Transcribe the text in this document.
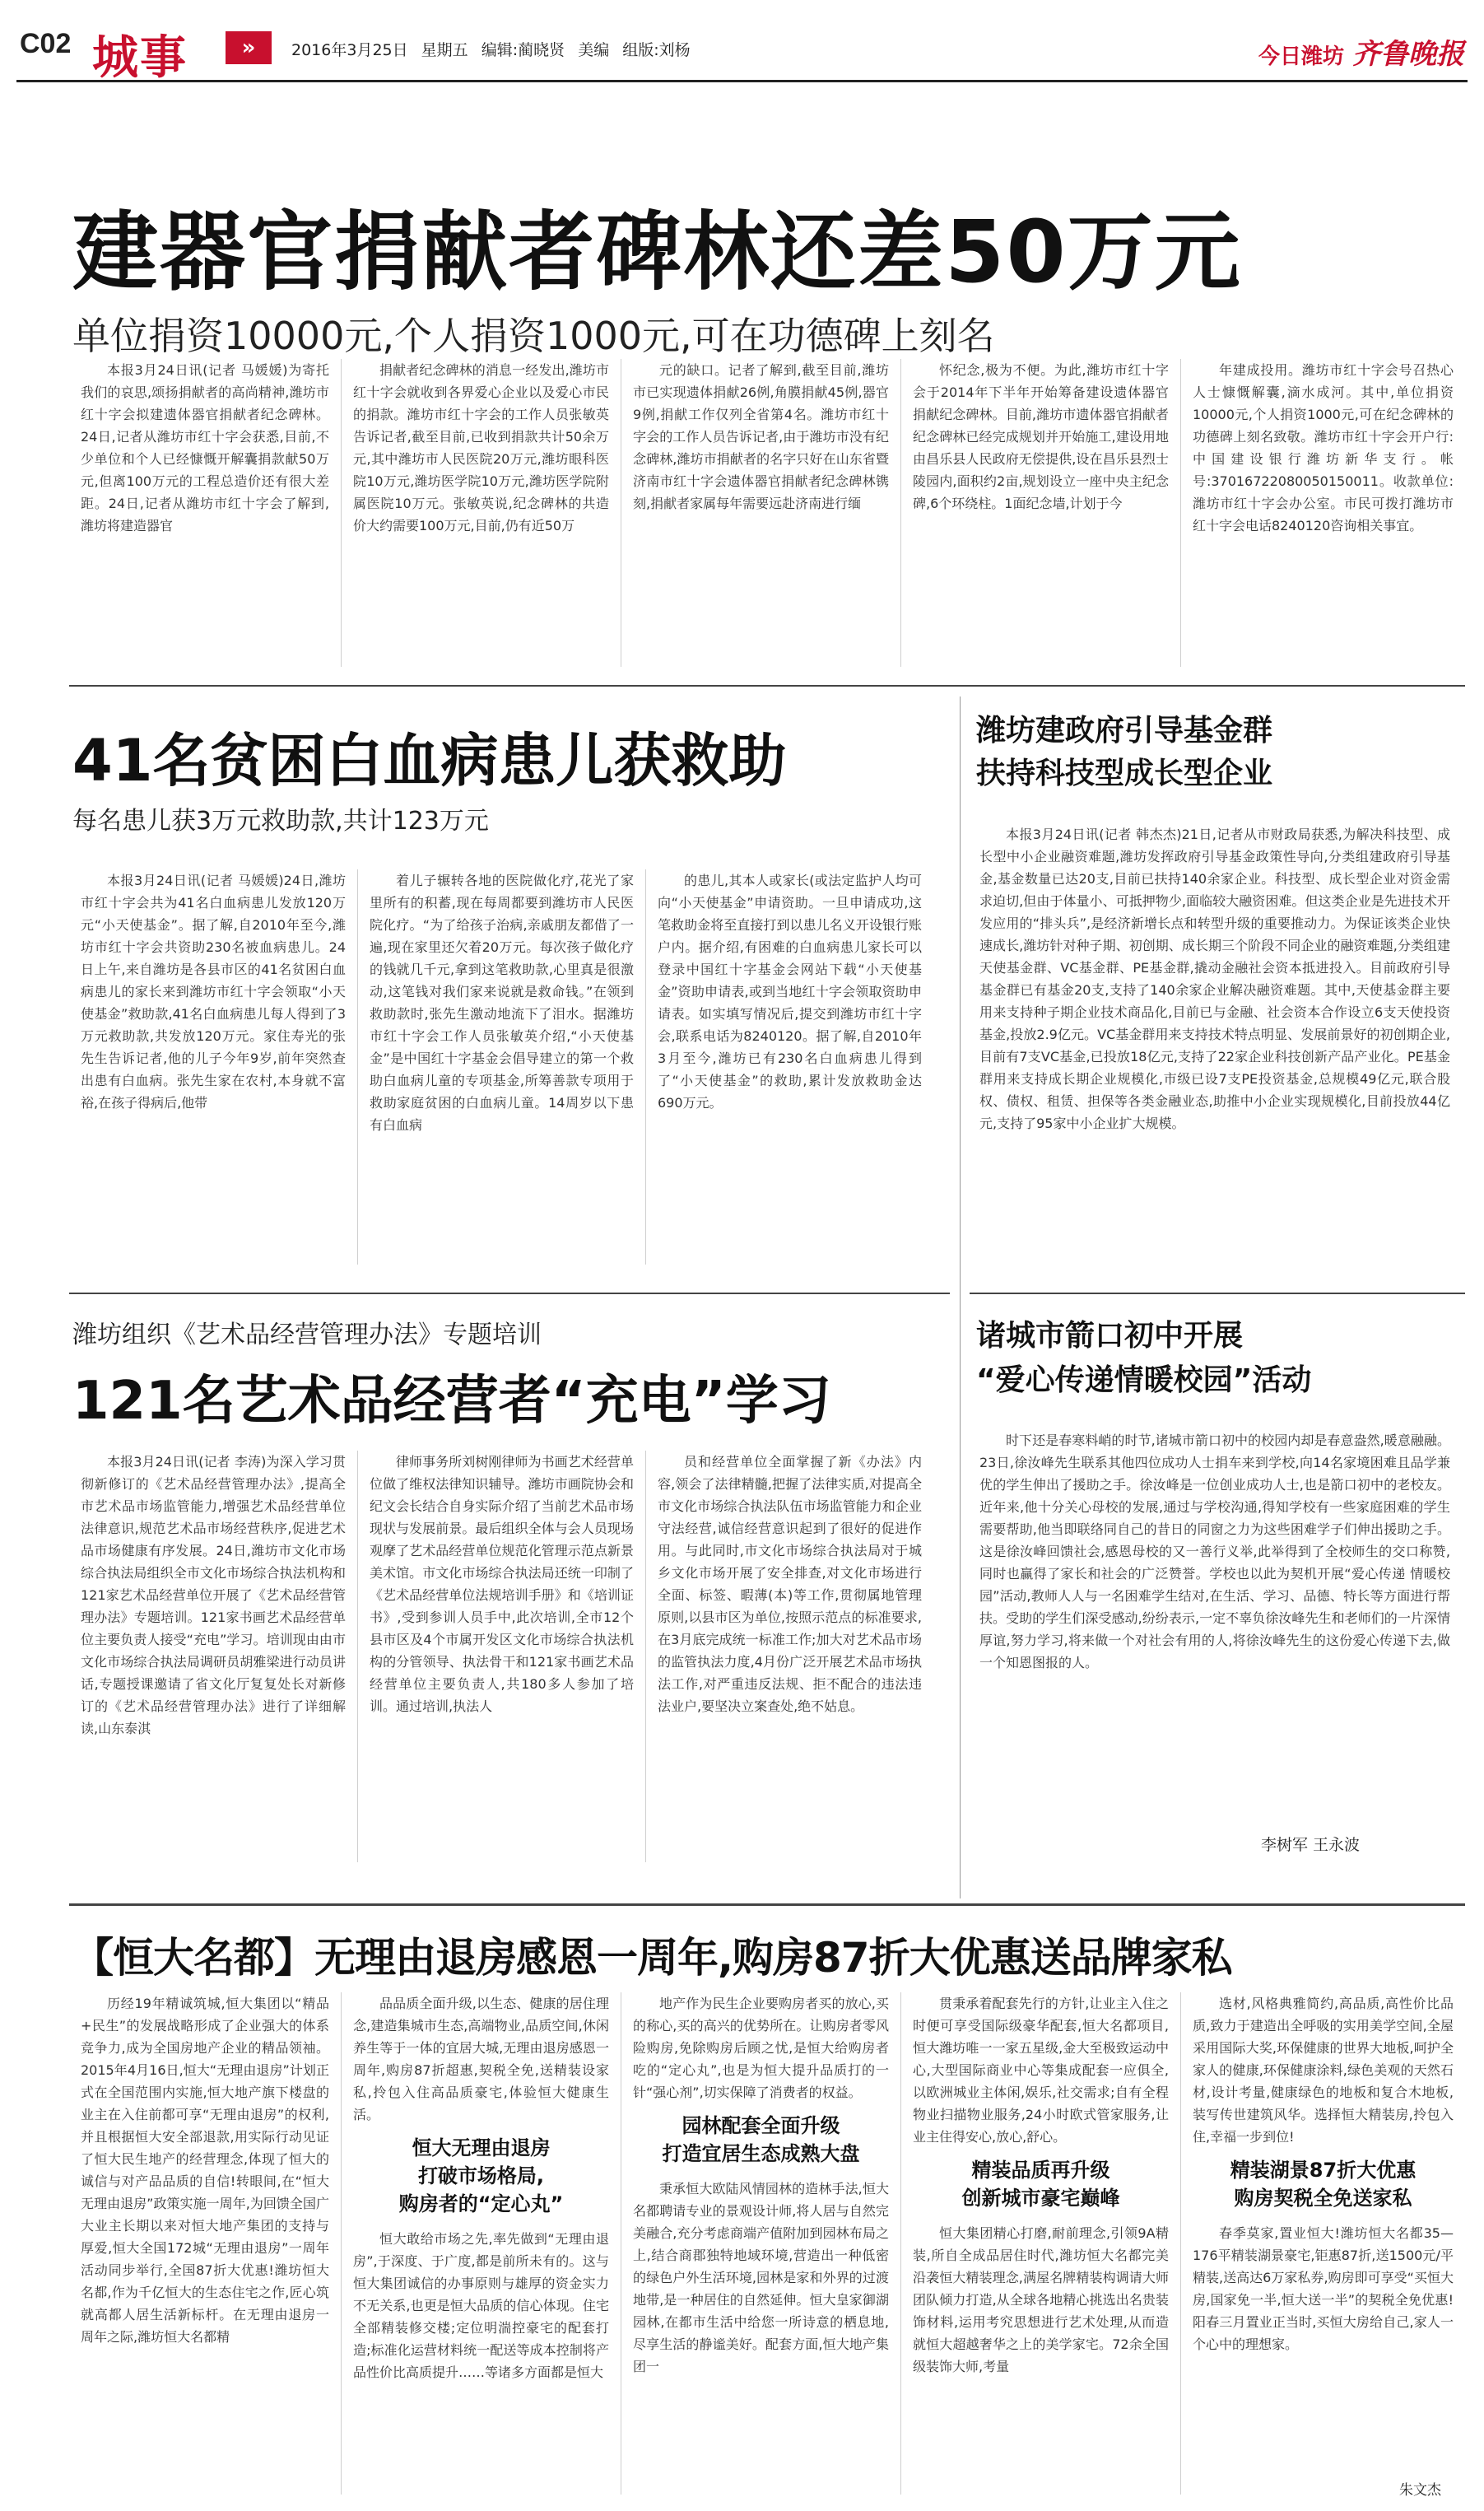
C02 城事	»	2016年3月25日 星期五 编辑:蔺晓贤 美编 组版:刘杨	今日潍坊 齐鲁晚报
建器官捐献者碑林还差50万元
单位捐资10000元,个人捐资1000元,可在功德碑上刻名

本报3月24日讯(记者 马媛媛)为寄托我们的哀思,颂扬捐献者的高尚精神,潍坊市红十字会拟建遗体器官捐献者纪念碑林。24日,记者从潍坊市红十字会获悉,目前,不少单位和个人已经慷慨开解囊捐款献50万元,但离100万元的工程总造价还有很大差距。24日,记者从潍坊市红十字会了解到,潍坊将建造器官

捐献者纪念碑林的消息一经发出,潍坊市红十字会就收到各界爱心企业以及爱心市民的捐款。潍坊市红十字会的工作人员张敏英告诉记者,截至目前,已收到捐款共计50余万元,其中潍坊市人民医院20万元,潍坊眼科医院10万元,潍坊医学院10万元,潍坊医学院附属医院10万元。张敏英说,纪念碑林的共造价大约需要100万元,目前,仍有近50万

元的缺口。记者了解到,截至目前,潍坊市已实现遗体捐献26例,角膜捐献45例,器官9例,捐献工作仅列全省第4名。潍坊市红十字会的工作人员告诉记者,由于潍坊市没有纪念碑林,潍坊市捐献者的名字只好在山东省暨济南市红十字会遗体器官捐献者纪念碑林镌刻,捐献者家属每年需要远赴济南进行缅

怀纪念,极为不便。为此,潍坊市红十字会于2014年下半年开始筹备建设遗体器官捐献纪念碑林。目前,潍坊市遗体器官捐献者纪念碑林已经完成规划并开始施工,建设用地由昌乐县人民政府无偿提供,设在昌乐县烈士陵园内,面积约2亩,规划设立一座中央主纪念碑,6个环绕柱。1面纪念墙,计划于今

年建成投用。潍坊市红十字会号召热心人士慷慨解囊,滴水成河。其中,单位捐资10000元,个人捐资1000元,可在纪念碑林的功德碑上刻名致敬。潍坊市红十字会开户行:中国建设银行潍坊新华支行。帐号:37016722080050150011。收款单位:潍坊市红十字会办公室。市民可拨打潍坊市红十字会电话8240120咨询相关事宜。

41名贫困白血病患儿获救助
每名患儿获3万元救助款,共计123万元

本报3月24日讯(记者 马媛媛)24日,潍坊市红十字会共为41名白血病患儿发放120万元“小天使基金”。据了解,自2010年至今,潍坊市红十字会共资助230名被血病患儿。24日上午,来自潍坊是各县市区的41名贫困白血病患儿的家长来到潍坊市红十字会领取“小天使基金”救助款,41名白血病患儿每人得到了3万元救助款,共发放120万元。家住寿光的张先生告诉记者,他的儿子今年9岁,前年突然查出患有白血病。张先生家在农村,本身就不富裕,在孩子得病后,他带

着儿子辗转各地的医院做化疗,花光了家里所有的积蓄,现在每周都要到潍坊市人民医院化疗。“为了给孩子治病,亲戚朋友都借了一遍,现在家里还欠着20万元。每次孩子做化疗的钱就几千元,拿到这笔救助款,心里真是很激动,这笔钱对我们家来说就是救命钱。”在领到救助款时,张先生激动地流下了泪水。据潍坊市红十字会工作人员张敏英介绍,“小天使基金”是中国红十字基金会倡导建立的第一个救助白血病儿童的专项基金,所筹善款专项用于救助家庭贫困的白血病儿童。14周岁以下患有白血病

的患儿,其本人或家长(或法定监护人均可向“小天使基金”申请资助。一旦申请成功,这笔救助金将至直接打到以患儿名义开设银行账户内。据介绍,有困难的白血病患儿家长可以登录中国红十字基金会网站下载“小天使基金”资助申请表,或到当地红十字会领取资助申请表。如实填写情况后,提交到潍坊市红十字会,联系电话为8240120。据了解,自2010年3月至今,潍坊已有230名白血病患儿得到了“小天使基金”的救助,累计发放救助金达690万元。

潍坊建政府引导基金群
扶持科技型成长型企业

本报3月24日讯(记者 韩杰杰)21日,记者从市财政局获悉,为解决科技型、成长型中小企业融资难题,潍坊发挥政府引导基金政策性导向,分类组建政府引导基金,基金数量已达20支,目前已扶持140余家企业。科技型、成长型企业对资金需求迫切,但由于体量小、可抵押物少,面临较大融资困难。但这类企业是先进技术开发应用的“排头兵”,是经济新增长点和转型升级的重要推动力。为保证该类企业快速成长,潍坊针对种子期、初创期、成长期三个阶段不同企业的融资难题,分类组建天使基金群、VC基金群、PE基金群,撬动金融社会资本抵进投入。目前政府引导基金群已有基金20支,支持了140余家企业解决融资难题。其中,天使基金群主要用来支持种子期企业技术商品化,目前已与金融、社会资本合作设立6支天使投资基金,投放2.9亿元。VC基金群用来支持技术特点明显、发展前景好的初创期企业,目前有7支VC基金,已投放18亿元,支持了22家企业科技创新产品产业化。PE基金群用来支持成长期企业规模化,市级已设7支PE投资基金,总规模49亿元,联合股权、债权、租赁、担保等各类金融业态,助推中小企业实现规模化,目前投放44亿元,支持了95家中小企业扩大规模。

潍坊组织《艺术品经营管理办法》专题培训
121名艺术品经营者“充电”学习

本报3月24日讯(记者 李涛)为深入学习贯彻新修订的《艺术品经营管理办法》,提高全市艺术品市场监管能力,增强艺术品经营单位法律意识,规范艺术品市场经营秩序,促进艺术品市场健康有序发展。24日,潍坊市文化市场综合执法局组织全市文化市场综合执法机构和121家艺术品经营单位开展了《艺术品经营管理办法》专题培训。121家书画艺术品经营单位主要负责人接受“充电”学习。培训现由由市文化市场综合执法局调研员胡雅梁进行动员讲话,专题授课邀请了省文化厅复复处长对新修订的《艺术品经营管理办法》进行了详细解读,山东泰淇

律师事务所刘树刚律师为书画艺术经营单位做了维权法律知识辅导。潍坊市画院协会和纪文会长结合自身实际介绍了当前艺术品市场现状与发展前景。最后组织全体与会人员现场观摩了艺术品经营单位规范化管理示范点新景美术馆。市文化市场综合执法局还统一印制了《艺术品经营单位法规培训手册》和《培训证书》,受到参训人员手中,此次培训,全市12个县市区及4个市属开发区文化市场综合执法机构的分管领导、执法骨干和121家书画艺术品经营单位主要负责人,共180多人参加了培训。通过培训,执法人

员和经营单位全面掌握了新《办法》内容,领会了法律精髓,把握了法律实质,对提高全市文化市场综合执法队伍市场监管能力和企业守法经营,诚信经营意识起到了很好的促进作用。与此同时,市文化市场综合执法局对于城乡文化市场开展了安全排查,对文化市场进行全面、标签、暇薄(本)等工作,贯彻属地管理原则,以县市区为单位,按照示范点的标准要求,在3月底完成统一标准工作;加大对艺术品市场的监管执法力度,4月份广泛开展艺术品市场执法工作,对严重违反法规、拒不配合的违法违法业户,要坚决立案查处,绝不姑息。

诸城市箭口初中开展
“爱心传递情暖校园”活动

时下还是春寒料峭的时节,诸城市箭口初中的校园内却是春意盎然,暖意融融。23日,徐汝峰先生联系其他四位成功人士捐车来到学校,向14名家境困难且品学兼优的学生伸出了援助之手。徐汝峰是一位创业成功人士,也是箭口初中的老校友。近年来,他十分关心母校的发展,通过与学校沟通,得知学校有一些家庭困难的学生需要帮助,他当即联络同自己的昔日的同窗之力为这些困难学子们伸出援助之手。这是徐汝峰回馈社会,感恩母校的又一善行义举,此举得到了全校师生的交口称赞,同时也赢得了家长和社会的广泛赞誉。学校也以此为契机开展“爱心传递 情暖校园”活动,教师人人与一名困难学生结对,在生活、学习、品德、特长等方面进行帮扶。受助的学生们深受感动,纷纷表示,一定不辜负徐汝峰先生和老师们的一片深情厚谊,努力学习,将来做一个对社会有用的人,将徐汝峰先生的这份爱心传递下去,做一个知恩图报的人。

李树军 王永波
【恒大名都】无理由退房感恩一周年,购房87折大优惠送品牌家私

历经19年精诚筑城,恒大集团以“精品+民生”的发展战略形成了企业强大的体系竞争力,成为全国房地产企业的精品领袖。2015年4月16日,恒大“无理由退房”计划正式在全国范围内实施,恒大地产旗下楼盘的业主在入住前都可享“无理由退房”的权利,并且根据恒大安全部退款,用实际行动见证了恒大民生地产的经营理念,体现了恒大的诚信与对产品品质的自信!转眼间,在“恒大无理由退房”政策实施一周年,为回馈全国广大业主长期以来对恒大地产集团的支持与厚爱,恒大全国172城“无理由退房”一周年活动同步举行,全国87折大优惠!潍坊恒大名都,作为千亿恒大的生态住宅之作,匠心筑就高都人居生活新标杆。在无理由退房一周年之际,潍坊恒大名都精

品品质全面升级,以生态、健康的居住理念,建造集城市生态,高端物业,品质空间,休闲养生等于一体的宜居大城,无理由退房感恩一周年,购房87折超惠,契税全免,送精装设家私,拎包入住高品质豪宅,体验恒大健康生活。

恒大无理由退房
打破市场格局,
购房者的“定心丸”

恒大敢给市场之先,率先做到“无理由退房”,于深度、于广度,都是前所未有的。这与恒大集团诚信的办事原则与雄厚的资金实力不无关系,也更是恒大品质的信心体现。住宅全部精装修交楼;定位明湍控豪宅的配套打造;标准化运营材料统一配送等成本控制将产品性价比高质提升……等诸多方面都是恒大

地产作为民生企业要购房者买的放心,买的称心,买的高兴的优势所在。让购房者零风险购房,免除购房后顾之忧,是恒大给购房者吃的“定心丸”,也是为恒大提升品质打的一针“强心剂”,切实保障了消费者的权益。

园林配套全面升级
打造宜居生态成熟大盘

秉承恒大欧陆风情园林的造林手法,恒大名都聘请专业的景观设计师,将人居与自然完美融合,充分考虑商端产值附加到园林布局之上,结合商郡独特地域环境,营造出一种低密的绿色户外生活环境,园林是家和外界的过渡地带,是一种居住的自然延伸。恒大皇家御湖园林,在都市生活中给您一所诗意的栖息地,尽享生活的静谧美好。配套方面,恒大地产集团一

贯秉承着配套先行的方针,让业主入住之时便可享受国际级豪华配套,恒大名都项目,恒大潍坊唯一一家五星级,金大至极致运动中心,大型国际商业中心等集成配套一应俱全,以欧洲城业主体闲,娱乐,社交需求;自有全程物业扫描物业服务,24小时欧式管家服务,让业主住得安心,放心,舒心。

精装品质再升级
创新城市豪宅巅峰

恒大集团精心打磨,耐前理念,引领9A精装,所自全成品居住时代,潍坊恒大名都完美沿袭恒大精装理念,满屋名牌精装构调请大师团队倾力打造,从全球各地精心挑选出名贵装饰材料,运用考究思想进行艺术处理,从而造就恒大超越奢华之上的美学家宅。72余全国级装饰大师,考量

选材,风格典雅简约,高品质,高性价比品质,致力于建造出全呼吸的实用美学空间,全屋采用国际大奖,环保健康的世界大地板,呵护全家人的健康,环保健康涂料,绿色美观的天然石材,设计考量,健康绿色的地板和复合木地板,装写传世建筑风华。选择恒大精装房,拎包入住,幸福一步到位!

精装湖景87折大优惠
购房契税全免送家私

春季莫家,置业恒大!潍坊恒大名都35—176平精装湖景豪宅,钜惠87折,送1500元/平精装,送高达6万家私券,购房即可享受“买恒大房,国家免一半,恒大送一半”的契税全免优惠!阳春三月置业正当时,买恒大房给自己,家人一个心中的理想家。

朱文杰
